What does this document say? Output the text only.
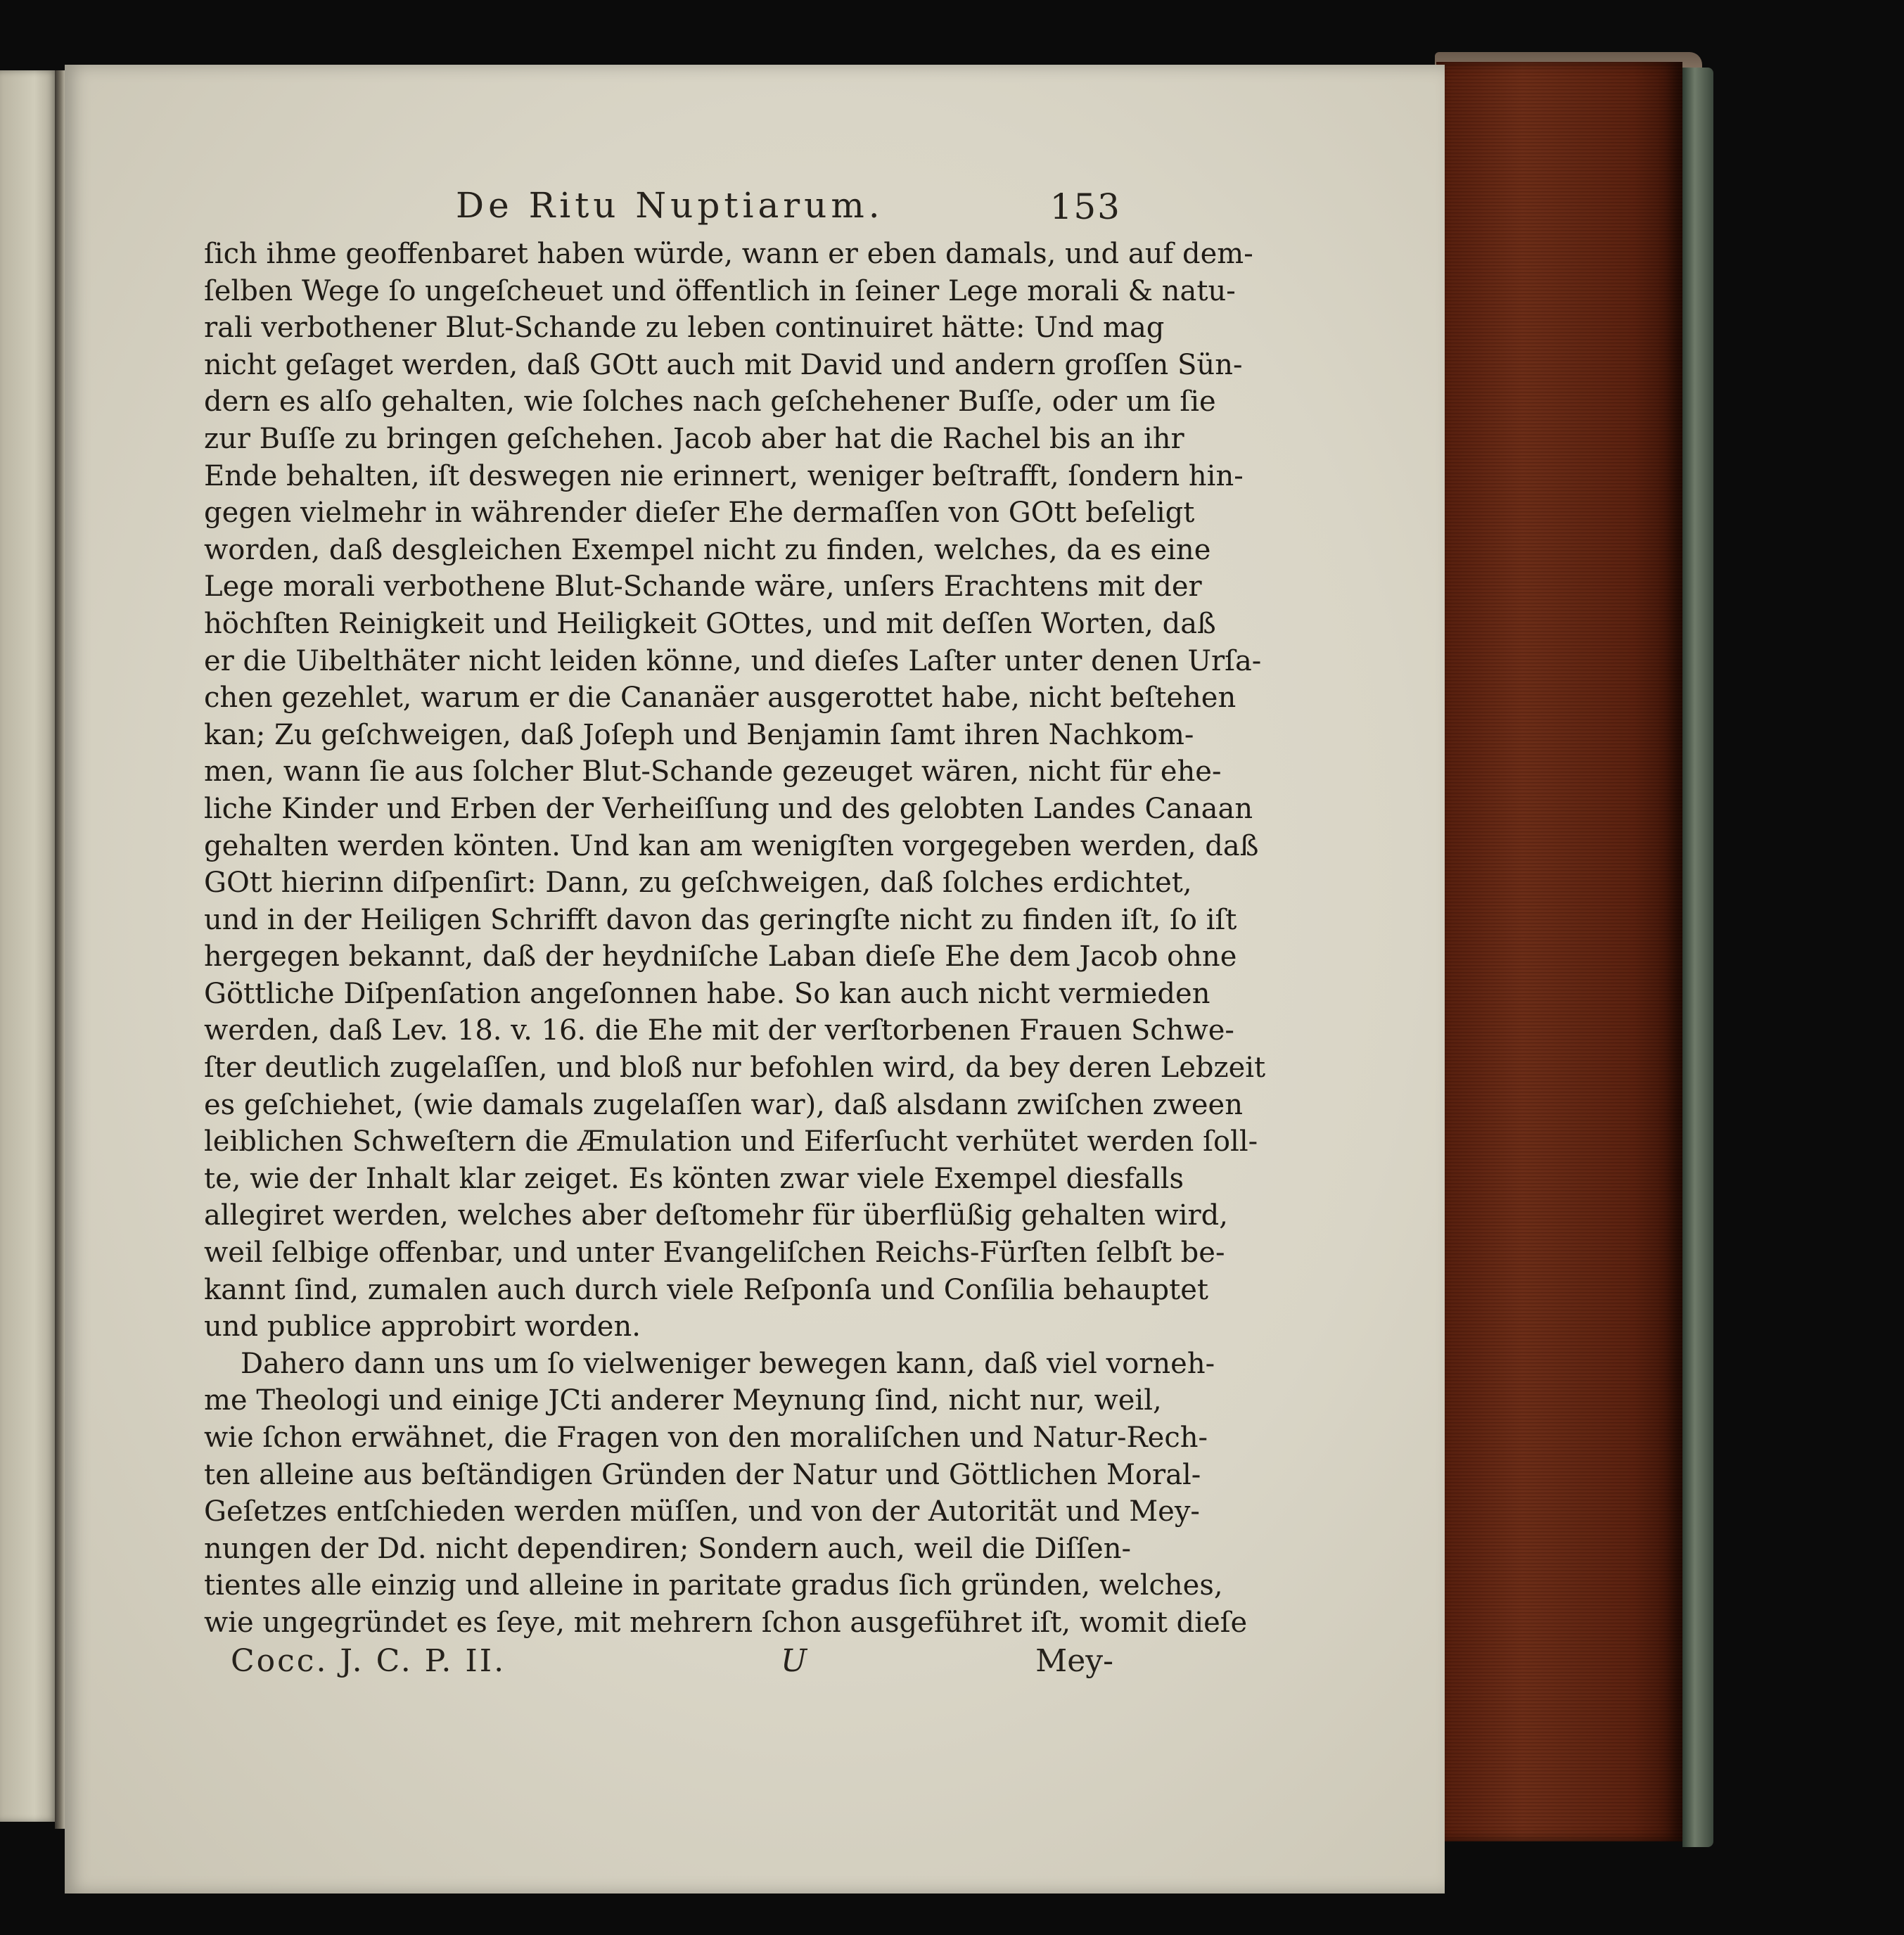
De Ritu Nuptiarum.	153
ſich ihme geoffenbaret haben würde, wann er eben damals, und auf dem-
ſelben Wege ſo ungeſcheuet und öffentlich in ſeiner Lege morali & natu-
rali verbothener Blut-Schande zu leben continuiret hätte: Und mag
nicht geſaget werden, daß GOtt auch mit David und andern groſſen Sün-
dern es alſo gehalten, wie ſolches nach geſchehener Buſſe, oder um ſie
zur Buſſe zu bringen geſchehen. Jacob aber hat die Rachel bis an ihr
Ende behalten, iſt deswegen nie erinnert, weniger beſtrafft, ſondern hin-
gegen vielmehr in währender dieſer Ehe dermaſſen von GOtt beſeligt
worden, daß desgleichen Exempel nicht zu finden, welches, da es eine
Lege morali verbothene Blut-Schande wäre, unſers Erachtens mit der
höchſten Reinigkeit und Heiligkeit GOttes, und mit deſſen Worten, daß
er die Uibelthäter nicht leiden könne, und dieſes Laſter unter denen Urſa-
chen gezehlet, warum er die Cananäer ausgerottet habe, nicht beſtehen
kan; Zu geſchweigen, daß Joſeph und Benjamin ſamt ihren Nachkom-
men, wann ſie aus ſolcher Blut-Schande gezeuget wären, nicht für ehe-
liche Kinder und Erben der Verheiſſung und des gelobten Landes Canaan
gehalten werden könten. Und kan am wenigſten vorgegeben werden, daß
GOtt hierinn diſpenſirt: Dann, zu geſchweigen, daß ſolches erdichtet,
und in der Heiligen Schrifft davon das geringſte nicht zu finden iſt, ſo iſt
hergegen bekannt, daß der heydniſche Laban dieſe Ehe dem Jacob ohne
Göttliche Diſpenſation angeſonnen habe. So kan auch nicht vermieden
werden, daß Lev. 18. v. 16. die Ehe mit der verſtorbenen Frauen Schwe-
ſter deutlich zugelaſſen, und bloß nur befohlen wird, da bey deren Lebzeit
es geſchiehet, (wie damals zugelaſſen war), daß alsdann zwiſchen zween
leiblichen Schweſtern die Æmulation und Eiferſucht verhütet werden ſoll-
te, wie der Inhalt klar zeiget. Es könten zwar viele Exempel diesfalls
allegiret werden, welches aber deſtomehr für überflüßig gehalten wird,
weil ſelbige offenbar, und unter Evangeliſchen Reichs-Fürſten ſelbſt be-
kannt ſind, zumalen auch durch viele Reſponſa und Conſilia behauptet
und publice approbirt worden.
Dahero dann uns um ſo vielweniger bewegen kann, daß viel vorneh-
me Theologi und einige JCti anderer Meynung ſind, nicht nur, weil,
wie ſchon erwähnet, die Fragen von den moraliſchen und Natur-Rech-
ten alleine aus beſtändigen Gründen der Natur und Göttlichen Moral-
Geſetzes entſchieden werden müſſen, und von der Autorität und Mey-
nungen der Dd. nicht dependiren; Sondern auch, weil die Diſſen-
tientes alle einzig und alleine in paritate gradus ſich gründen, welches,
wie ungegründet es ſeye, mit mehrern ſchon ausgeführet iſt, womit dieſe
Cocc. J. C. P. II.	U	Mey-
